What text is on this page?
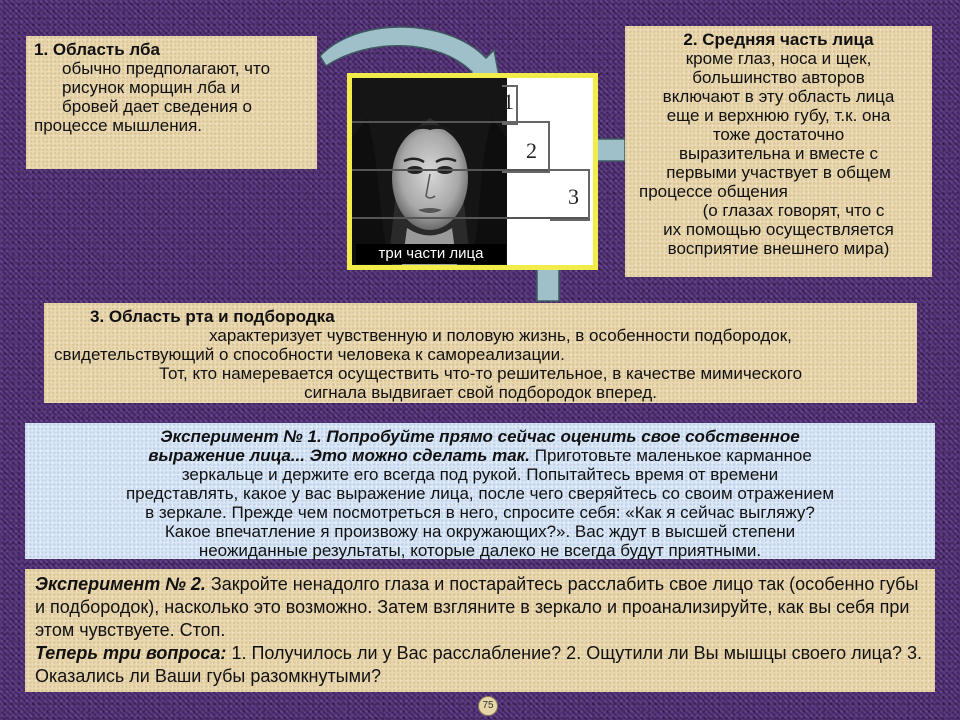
1. Область лба
обычно предполагают, что
рисунок морщин лба и
бровей дает сведения о
процессе мышления.
2. Средняя часть лица
кроме глаз, носа и щек,
большинство авторов
включают в эту область лица
еще и верхнюю губу, т.к. она
тоже достаточно
выразительна и вместе с
первыми участвует в общем
процессе общения
(о глазах говорят, что с
их помощью осуществляется
восприятие внешнего мира)
1
2
3
три части лица
3. Область рта и подбородка
характеризует чувственную и половую жизнь, в особенности подбородок,
свидетельствующий о способности человека к самореализации.
Тот, кто намеревается осуществить что-то решительное, в качестве мимического
сигнала выдвигает свой подбородок вперед.
Эксперимент № 1. Попробуйте прямо сейчас оценить свое собственное
выражение лица... Это можно сделать так. Приготовьте маленькое карманное
зеркальце и держите его всегда под рукой. Попытайтесь время от времени
представлять, какое у вас выражение лица, после чего сверяйтесь со своим отражением
в зеркале. Прежде чем посмотреться в него, спросите себя: «Как я сейчас выгляжу?
Какое впечатление я произвожу на окружающих?». Вас ждут в высшей степени
неожиданные результаты, которые далеко не всегда будут приятными.
Эксперимент № 2. Закройте ненадолго глаза и постарайтесь расслабить свое лицо так (особенно губы и подбородок), насколько это возможно. Затем взгляните в зеркало и проанализируйте, как вы себя при этом чувствуете. Стоп.
Теперь три вопроса: 1. Получилось ли у Вас расслабление? 2. Ощутили ли Вы мышцы своего лица? 3. Оказались ли Ваши губы разомкнутыми?
75
